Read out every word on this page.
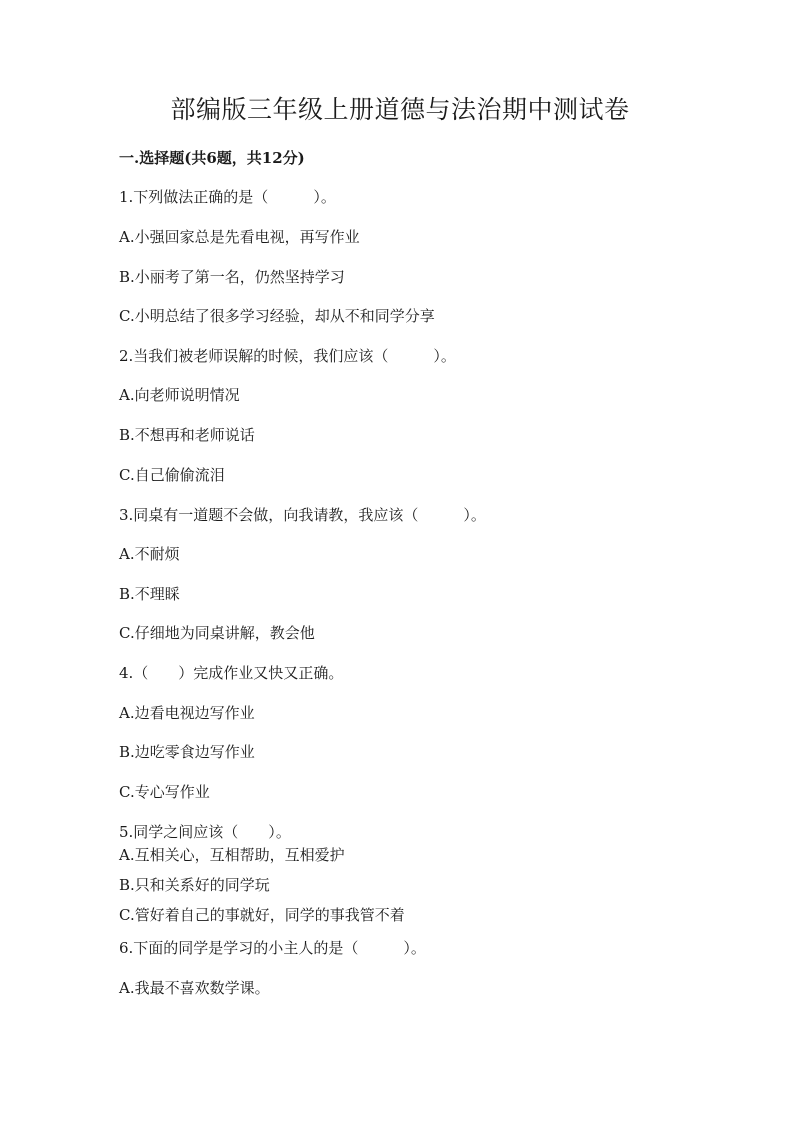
部编版三年级上册道德与法治期中测试卷
一.选择题(共6题，共12分)
1.下列做法正确的是（　　　）。
A.小强回家总是先看电视，再写作业
B.小丽考了第一名，仍然坚持学习
C.小明总结了很多学习经验，却从不和同学分享
2.当我们被老师误解的时候，我们应该（　　　）。
A.向老师说明情况
B.不想再和老师说话
C.自己偷偷流泪
3.同桌有一道题不会做，向我请教，我应该（　　　）。
A.不耐烦
B.不理睬
C.仔细地为同桌讲解，教会他
4.（　　）完成作业又快又正确。
A.边看电视边写作业
B.边吃零食边写作业
C.专心写作业
5.同学之间应该（　　）。
A.互相关心，互相帮助，互相爱护
B.只和关系好的同学玩
C.管好着自己的事就好，同学的事我管不着
6.下面的同学是学习的小主人的是（　　　）。
A.我最不喜欢数学课。
